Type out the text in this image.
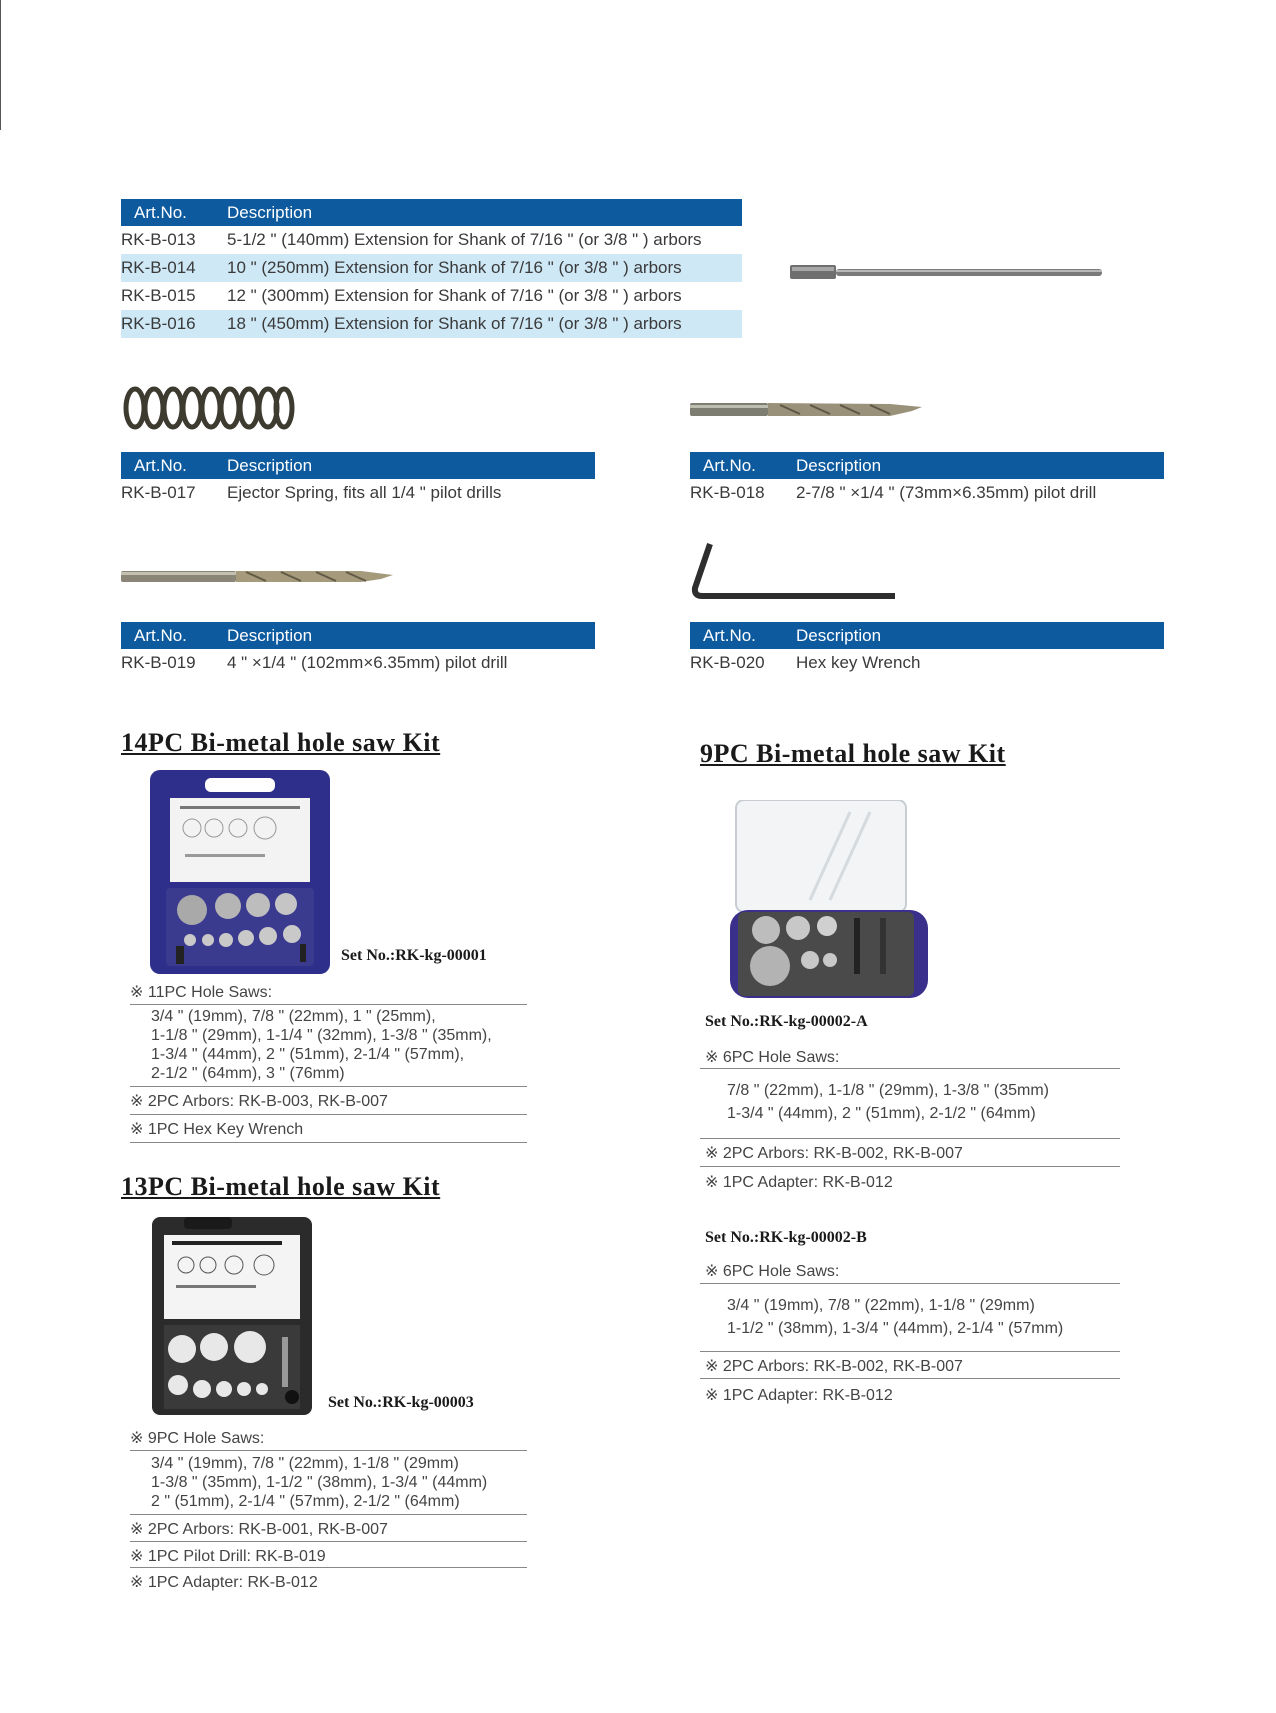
Art.No. Description
RK-B-013 5-1/2 " (140mm) Extension for Shank of 7/16 " (or 3/8 " ) arbors
RK-B-014 10 " (250mm) Extension for Shank of 7/16 " (or 3/8 " ) arbors
RK-B-015 12 " (300mm) Extension for Shank of 7/16 " (or 3/8 " ) arbors
RK-B-016 18 " (450mm) Extension for Shank of 7/16 " (or 3/8 " ) arbors
Art.No. Description
RK-B-017 Ejector Spring, fits all 1/4 " pilot drills
Art.No. Description
RK-B-018 2-7/8 " ×1/4 " (73mm×6.35mm) pilot drill
Art.No. Description
RK-B-019 4 " ×1/4 " (102mm×6.35mm) pilot drill
Art.No. Description
RK-B-020 Hex key Wrench
14PC Bi-metal hole saw Kit
Set No.:RK-kg-00001
※ 11PC Hole Saws:
3/4 " (19mm), 7/8 " (22mm), 1 " (25mm),
1-1/8 " (29mm), 1-1/4 " (32mm), 1-3/8 " (35mm),
1-3/4 " (44mm), 2 " (51mm), 2-1/4 " (57mm),
2-1/2 " (64mm), 3 " (76mm)
※ 2PC Arbors: RK-B-003, RK-B-007
※ 1PC Hex Key Wrench
13PC Bi-metal hole saw Kit
Set No.:RK-kg-00003
※ 9PC Hole Saws:
3/4 " (19mm), 7/8 " (22mm), 1-1/8 " (29mm)
1-3/8 " (35mm), 1-1/2 " (38mm), 1-3/4 " (44mm)
2 " (51mm), 2-1/4 " (57mm), 2-1/2 " (64mm)
※ 2PC Arbors: RK-B-001, RK-B-007
※ 1PC Pilot Drill: RK-B-019
※ 1PC Adapter: RK-B-012
9PC Bi-metal hole saw Kit
Set No.:RK-kg-00002-A
※ 6PC Hole Saws:
7/8 " (22mm), 1-1/8 " (29mm), 1-3/8 " (35mm)
1-3/4 " (44mm), 2 " (51mm), 2-1/2 " (64mm)
※ 2PC Arbors: RK-B-002, RK-B-007
※ 1PC Adapter: RK-B-012
Set No.:RK-kg-00002-B
※ 6PC Hole Saws:
3/4 " (19mm), 7/8 " (22mm), 1-1/8 " (29mm)
1-1/2 " (38mm), 1-3/4 " (44mm), 2-1/4 " (57mm)
※ 2PC Arbors: RK-B-002, RK-B-007
※ 1PC Adapter: RK-B-012
